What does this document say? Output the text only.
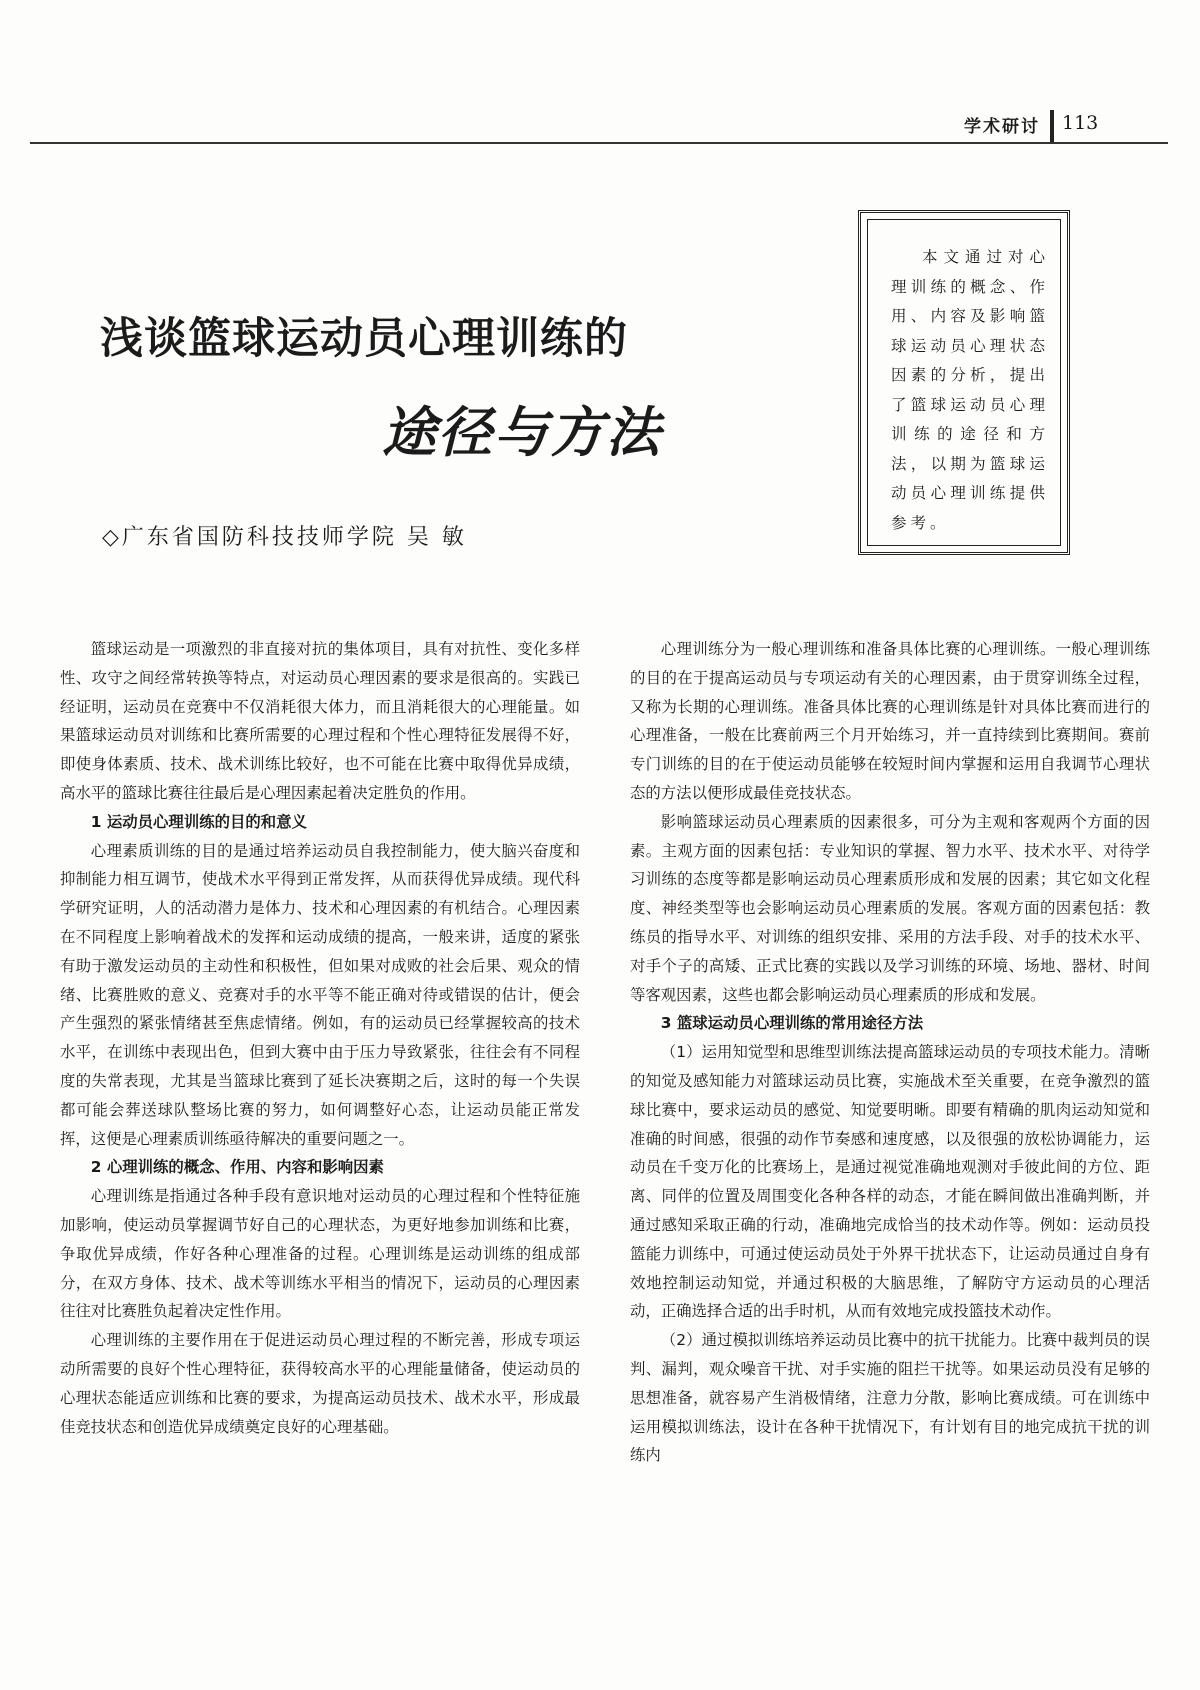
学术研讨 113
浅谈篮球运动员心理训练的
途径与方法
◇广东省国防科技技师学院 吴 敏
本文通过对心理训练的概念、作用、内容及影响篮球运动员心理状态因素的分析，提出了篮球运动员心理训练的途径和方法，以期为篮球运动员心理训练提供参考。

篮球运动是一项激烈的非直接对抗的集体项目，具有对抗性、变化多样性、攻守之间经常转换等特点，对运动员心理因素的要求是很高的。实践已经证明，运动员在竞赛中不仅消耗很大体力，而且消耗很大的心理能量。如果篮球运动员对训练和比赛所需要的心理过程和个性心理特征发展得不好，即使身体素质、技术、战术训练比较好，也不可能在比赛中取得优异成绩，高水平的篮球比赛往往最后是心理因素起着决定胜负的作用。

1 运动员心理训练的目的和意义

心理素质训练的目的是通过培养运动员自我控制能力，使大脑兴奋度和抑制能力相互调节，使战术水平得到正常发挥，从而获得优异成绩。现代科学研究证明，人的活动潜力是体力、技术和心理因素的有机结合。心理因素在不同程度上影响着战术的发挥和运动成绩的提高，一般来讲，适度的紧张有助于激发运动员的主动性和积极性，但如果对成败的社会后果、观众的情绪、比赛胜败的意义、竞赛对手的水平等不能正确对待或错误的估计，便会产生强烈的紧张情绪甚至焦虑情绪。例如，有的运动员已经掌握较高的技术水平，在训练中表现出色，但到大赛中由于压力导致紧张，往往会有不同程度的失常表现，尤其是当篮球比赛到了延长决赛期之后，这时的每一个失误都可能会葬送球队整场比赛的努力，如何调整好心态，让运动员能正常发挥，这便是心理素质训练亟待解决的重要问题之一。

2 心理训练的概念、作用、内容和影响因素

心理训练是指通过各种手段有意识地对运动员的心理过程和个性特征施加影响，使运动员掌握调节好自己的心理状态，为更好地参加训练和比赛，争取优异成绩，作好各种心理准备的过程。心理训练是运动训练的组成部分，在双方身体、技术、战术等训练水平相当的情况下，运动员的心理因素往往对比赛胜负起着决定性作用。

心理训练的主要作用在于促进运动员心理过程的不断完善，形成专项运动所需要的良好个性心理特征，获得较高水平的心理能量储备，使运动员的心理状态能适应训练和比赛的要求，为提高运动员技术、战术水平，形成最佳竞技状态和创造优异成绩奠定良好的心理基础。

心理训练分为一般心理训练和准备具体比赛的心理训练。一般心理训练的目的在于提高运动员与专项运动有关的心理因素，由于贯穿训练全过程，又称为长期的心理训练。准备具体比赛的心理训练是针对具体比赛而进行的心理准备，一般在比赛前两三个月开始练习，并一直持续到比赛期间。赛前专门训练的目的在于使运动员能够在较短时间内掌握和运用自我调节心理状态的方法以便形成最佳竞技状态。

影响篮球运动员心理素质的因素很多，可分为主观和客观两个方面的因素。主观方面的因素包括：专业知识的掌握、智力水平、技术水平、对待学习训练的态度等都是影响运动员心理素质形成和发展的因素；其它如文化程度、神经类型等也会影响运动员心理素质的发展。客观方面的因素包括：教练员的指导水平、对训练的组织安排、采用的方法手段、对手的技术水平、对手个子的高矮、正式比赛的实践以及学习训练的环境、场地、器材、时间等客观因素，这些也都会影响运动员心理素质的形成和发展。

3 篮球运动员心理训练的常用途径方法

（1）运用知觉型和思维型训练法提高篮球运动员的专项技术能力。清晰的知觉及感知能力对篮球运动员比赛，实施战术至关重要，在竞争激烈的篮球比赛中，要求运动员的感觉、知觉要明晰。即要有精确的肌肉运动知觉和准确的时间感，很强的动作节奏感和速度感，以及很强的放松协调能力，运动员在千变万化的比赛场上，是通过视觉准确地观测对手彼此间的方位、距离、同伴的位置及周围变化各种各样的动态，才能在瞬间做出准确判断，并通过感知采取正确的行动，准确地完成恰当的技术动作等。例如：运动员投篮能力训练中，可通过使运动员处于外界干扰状态下，让运动员通过自身有效地控制运动知觉，并通过积极的大脑思维，了解防守方运动员的心理活动，正确选择合适的出手时机，从而有效地完成投篮技术动作。

（2）通过模拟训练培养运动员比赛中的抗干扰能力。比赛中裁判员的误判、漏判，观众噪音干扰、对手实施的阻拦干扰等。如果运动员没有足够的思想准备，就容易产生消极情绪，注意力分散，影响比赛成绩。可在训练中运用模拟训练法，设计在各种干扰情况下，有计划有目的地完成抗干扰的训练内
